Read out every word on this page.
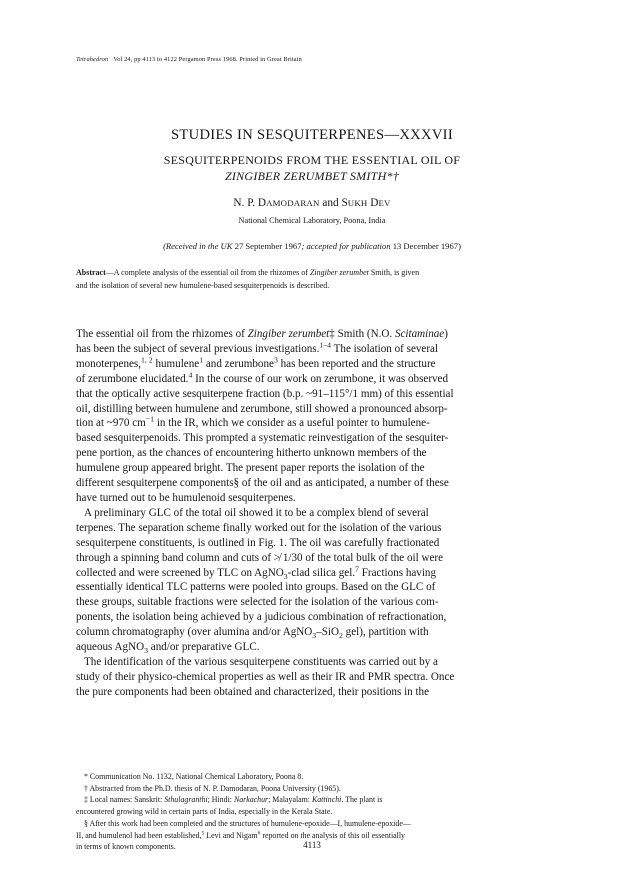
Tetrahedron Vol 24, pp 4113 to 4122 Pergamon Press 1968. Printed in Great Britain
STUDIES IN SESQUITERPENES—XXXVII
SESQUITERPENOIDS FROM THE ESSENTIAL OIL OF
ZINGIBER ZERUMBET SMITH*†
N. P. DAMODARAN and SUKH DEV
National Chemical Laboratory, Poona, India
(Received in the UK 27 September 1967; accepted for publication 13 December 1967)
Abstract—A complete analysis of the essential oil from the rhizomes of Zingiber zerumbet Smith, is given
and the isolation of several new humulene-based sesquiterpenoids is described.
The essential oil from the rhizomes of Zingiber zerumbet‡ Smith (N.O. Scitaminae)
has been the subject of several previous investigations.$^{1-4}$ The isolation of several
monoterpenes,$^{1, 2}$ humulene$^1$ and zerumbone$^3$ has been reported and the structure
of zerumbone elucidated.$^4$ In the course of our work on zerumbone, it was observed
that the optically active sesquiterpene fraction (b.p. ~91–115°/1 mm) of this essential
oil, distilling between humulene and zerumbone, still showed a pronounced absorp-
tion at ~970 $cm^{-1}$ in the IR, which we consider as a useful pointer to humulene-
based sesquiterpenoids. This prompted a systematic reinvestigation of the sesquiter-
pene portion, as the chances of encountering hitherto unknown members of the
humulene group appeared bright. The present paper reports the isolation of the
different sesquiterpene components§ of the oil and as anticipated, a number of these
have turned out to be humulenoid sesquiterpenes.
A preliminary GLC of the total oil showed it to be a complex blend of several
terpenes. The separation scheme finally worked out for the isolation of the various
sesquiterpene constituents, is outlined in Fig. 1. The oil was carefully fractionated
through a spinning band column and cuts of ≯ 1/30 of the total bulk of the oil were
collected and were screened by TLC on AgNO$_3$-clad silica gel.$^7$ Fractions having
essentially identical TLC patterns were pooled into groups. Based on the GLC of
these groups, suitable fractions were selected for the isolation of the various com-
ponents, the isolation being achieved by a judicious combination of refractionation,
column chromatography (over alumina and/or AgNO$_3$–SiO$_2$ gel), partition with
aqueous AgNO$_3$ and/or preparative GLC.
The identification of the various sesquiterpene constituents was carried out by a
study of their physico-chemical properties as well as their IR and PMR spectra. Once
the pure components had been obtained and characterized, their positions in the
* Communication No. 1132, National Chemical Laboratory, Poona 8.
† Abstracted from the Ph.D. thesis of N. P. Damodaran, Poona University (1965).
‡ Local names: Sanskrit: Sthulagranthi; Hindi: Narkachur; Malayalam: Kattinchi. The plant is
encountered growing wild in certain parts of India, especially in the Kerala State.
§ After this work had been completed and the structures of humulene-epoxide—I, humulene-epoxide—
II, and humulenol had been established,$^5$ Levi and Nigam$^6$ reported on the analysis of this oil essentially
in terms of known components.	4113
